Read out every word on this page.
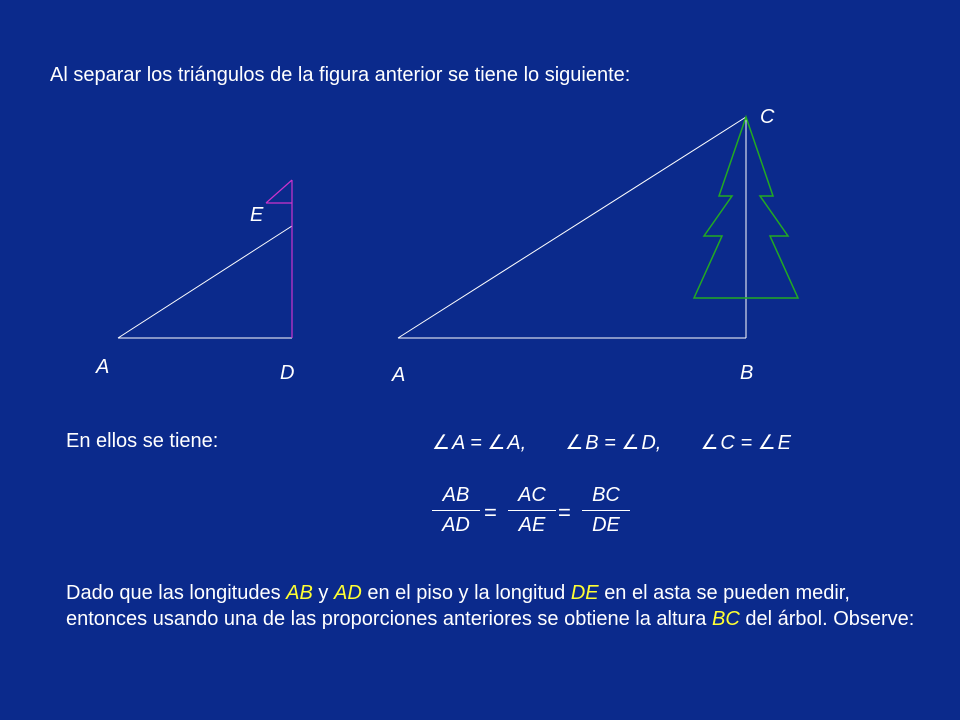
Al separar los triángulos de la figura anterior se tiene lo siguiente:
A	D
E
A	B
C
En ellos se tiene:	∠ A = ∠ A, ∠ B = ∠ D, ∠ C = ∠ E
$\frac{AB}{AD} = \frac{AC}{AE} = \frac{BC}{DE}$
Dado que las longitudes AB y AD en el piso y la longitud DE en el asta se pueden medir, entonces usando una de las proporciones anteriores se obtiene la altura BC del árbol. Observe:
